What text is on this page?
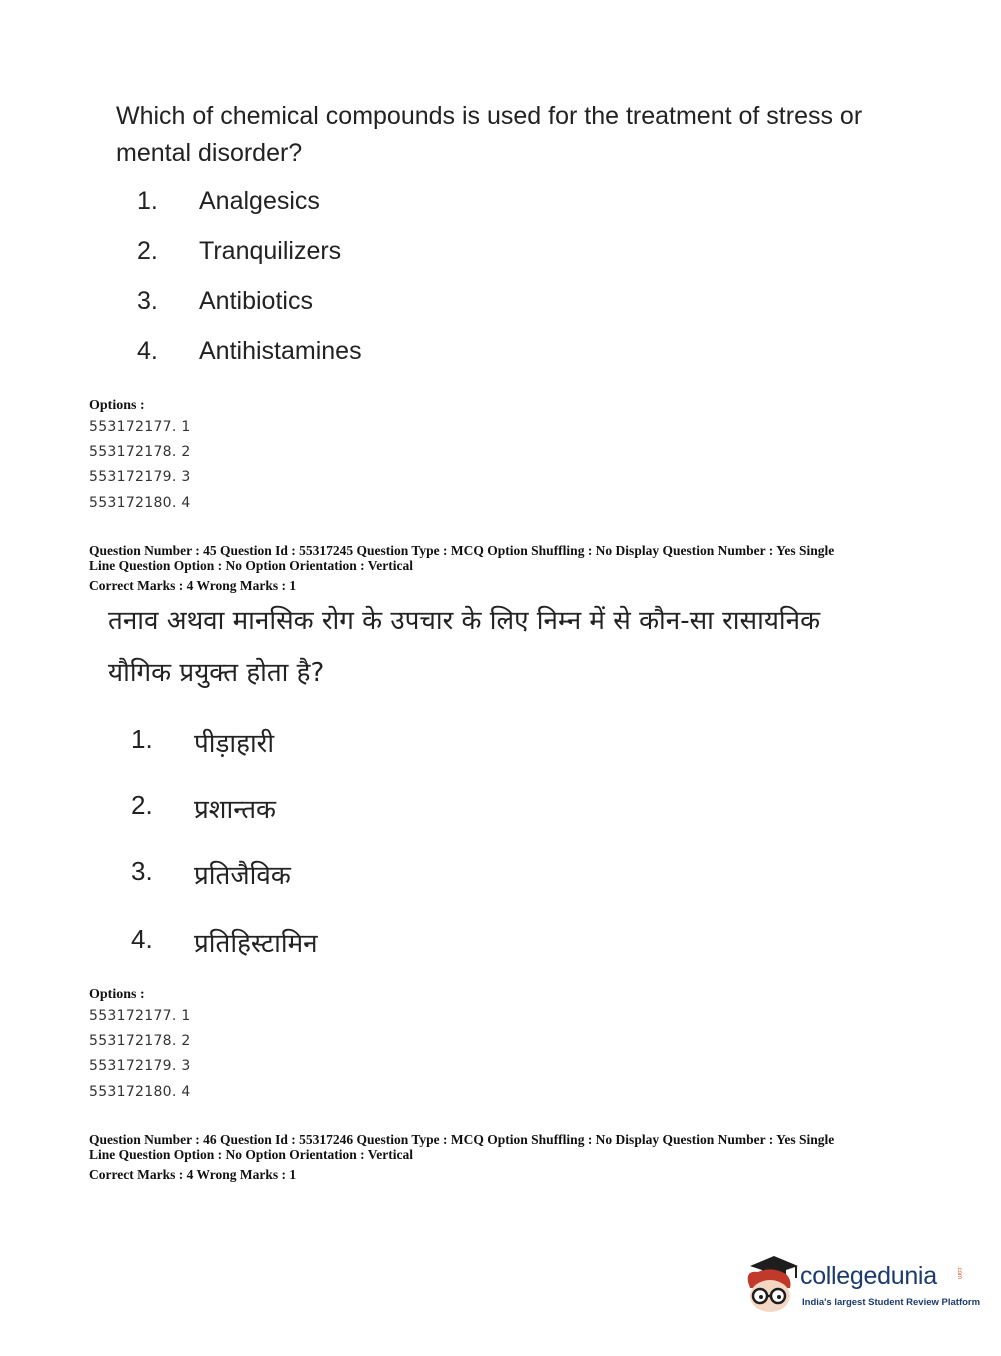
Which of chemical compounds is used for the treatment of stress or mental disorder?
1. Analgesics
2. Tranquilizers
3. Antibiotics
4. Antihistamines
Options :
553172177. 1
553172178. 2
553172179. 3
553172180. 4
Question Number : 45 Question Id : 55317245 Question Type : MCQ Option Shuffling : No Display Question Number : Yes Single
Line Question Option : No Option Orientation : Vertical
Correct Marks : 4 Wrong Marks : 1
तनाव अथवा मानसिक रोग के उपचार के लिए निम्न में से कौन-सा रासायनिक यौगिक प्रयुक्त होता है?
1. पीड़ाहारी
2. प्रशान्तक
3. प्रतिजैविक
4. प्रतिहिस्टामिन
Options :
553172177. 1
553172178. 2
553172179. 3
553172180. 4
Question Number : 46 Question Id : 55317246 Question Type : MCQ Option Shuffling : No Display Question Number : Yes Single
Line Question Option : No Option Orientation : Vertical
Correct Marks : 4 Wrong Marks : 1
collegedunia	.com
India's largest Student Review Platform
